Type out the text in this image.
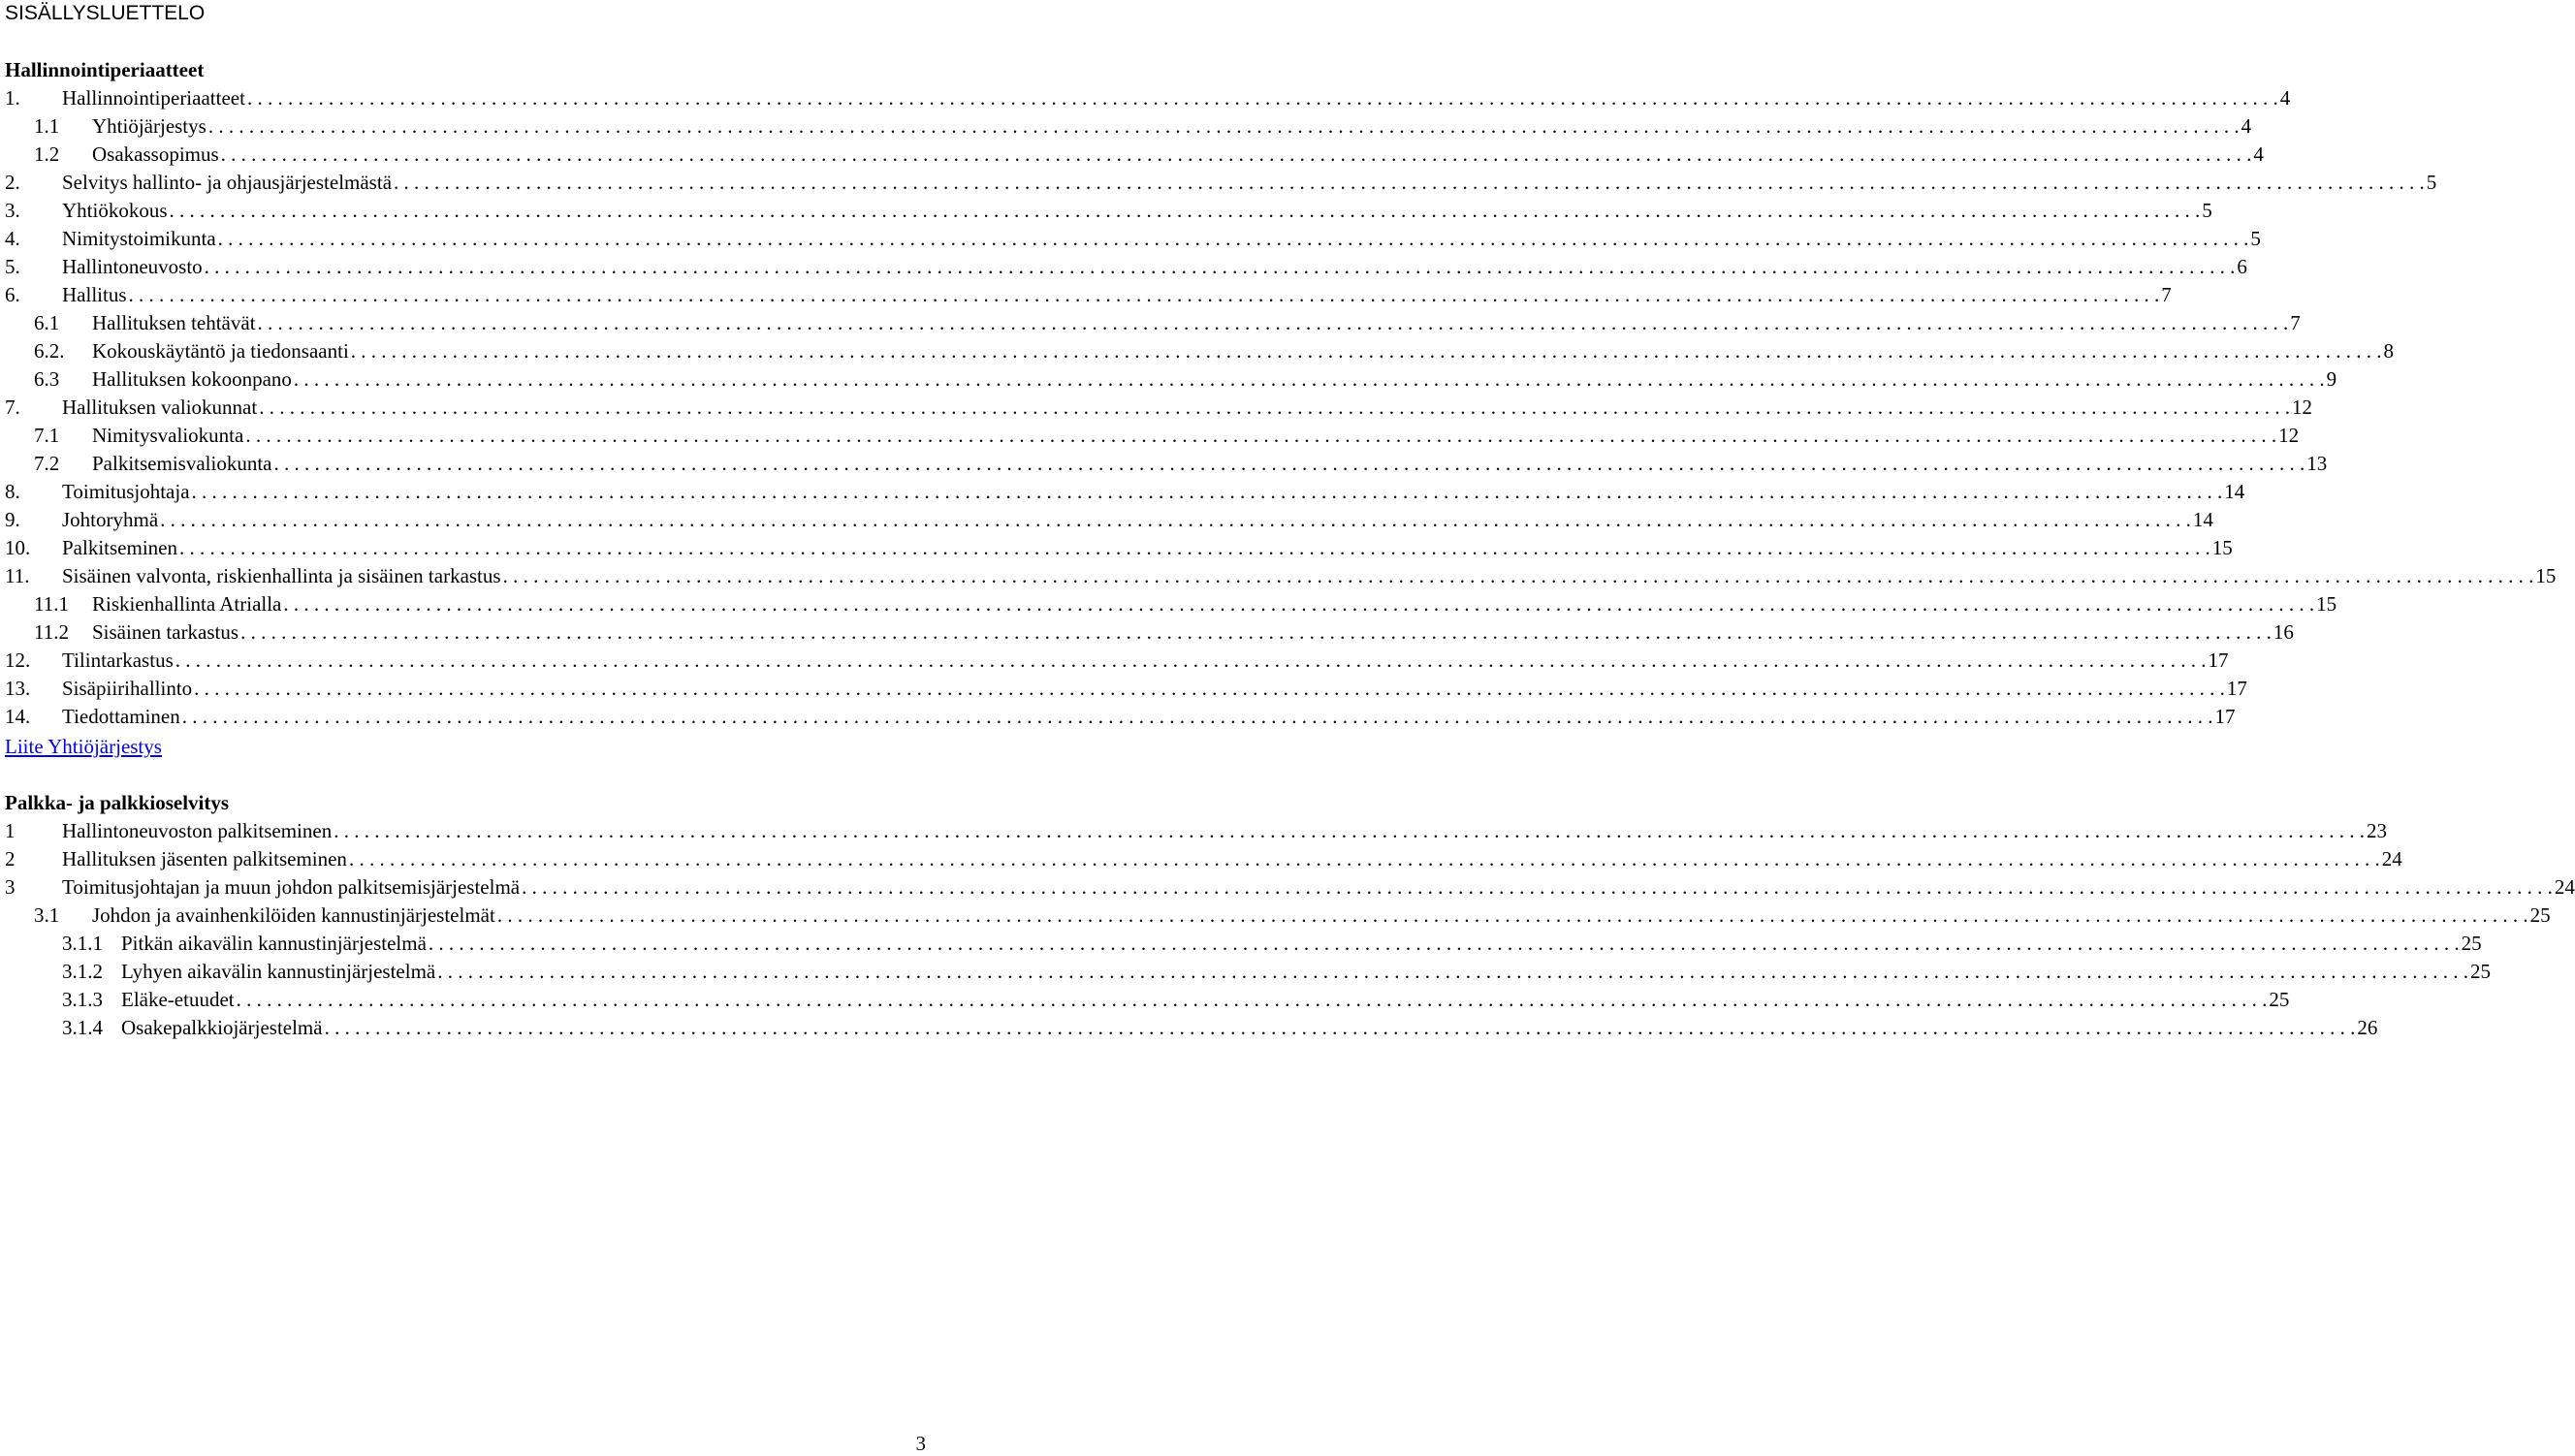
SISÄLLYSLUETTELO
Hallinnointiperiaatteet
1. Hallinnointiperiaatteet . . . . . . . . . . . . . . . . . . . . . . . . . . . . . . . . . . . . . . . . . . . . . . . . . . . . . . . . . . . . . . . . . . . . . . . . . . . . . . . . . . . . . . . . . . . . . . . . . . . . . . . . . . . . . . . . . . . . . . . . . . . . . . . . . . . . . . . . . . . . . . . . . . . . . . . . . . . . . . . . . . . . . . . . . . . . . . . . . . . . . . . . . . . . . . . . . . . . . . . . 4
1.1 Yhtiöjärjestys . . . . . . . . . . . . . . . . . . . . . . . . . . . . . . . . . . . . . . . . . . . . . . . . . . . . . . . . . . . . . . . . . . . . . . . . . . . . . . . . . . . . . . . . . . . . . . . . . . . . . . . . . . . . . . . . . . . . . . . . . . . . . . . . . . . . . . . . . . . . . . . . . . . . . . . . . . . . . . . . . . . . . . . . . . . . . . . . . . . . . . . . . . . . . . . . . . . . . . . . 4
1.2 Osakassopimus . . . . . . . . . . . . . . . . . . . . . . . . . . . . . . . . . . . . . . . . . . . . . . . . . . . . . . . . . . . . . . . . . . . . . . . . . . . . . . . . . . . . . . . . . . . . . . . . . . . . . . . . . . . . . . . . . . . . . . . . . . . . . . . . . . . . . . . . . . . . . . . . . . . . . . . . . . . . . . . . . . . . . . . . . . . . . . . . . . . . . . . . . . . . . . . . . . . . . . . . 4
2. Selvitys hallinto- ja ohjausjärjestelmästä . . . . . . . . . . . . . . . . . . . . . . . . . . . . . . . . . . . . . . . . . . . . . . . . . . . . . . . . . . . . . . . . . . . . . . . . . . . . . . . . . . . . . . . . . . . . . . . . . . . . . . . . . . . . . . . . . . . . . . . . . . . . . . . . . . . . . . . . . . . . . . . . . . . . . . . . . . . . . . . . . . . . . . . . . . . . . . . . . . . . . . . . . . . . . . . . . . . . . . . . 5
3. Yhtiökokous . . . . . . . . . . . . . . . . . . . . . . . . . . . . . . . . . . . . . . . . . . . . . . . . . . . . . . . . . . . . . . . . . . . . . . . . . . . . . . . . . . . . . . . . . . . . . . . . . . . . . . . . . . . . . . . . . . . . . . . . . . . . . . . . . . . . . . . . . . . . . . . . . . . . . . . . . . . . . . . . . . . . . . . . . . . . . . . . . . . . . . . . . . . . . . . . . . . . . . . . 5
4. Nimitystoimikunta . . . . . . . . . . . . . . . . . . . . . . . . . . . . . . . . . . . . . . . . . . . . . . . . . . . . . . . . . . . . . . . . . . . . . . . . . . . . . . . . . . . . . . . . . . . . . . . . . . . . . . . . . . . . . . . . . . . . . . . . . . . . . . . . . . . . . . . . . . . . . . . . . . . . . . . . . . . . . . . . . . . . . . . . . . . . . . . . . . . . . . . . . . . . . . . . . . . . . . . . 5
5. Hallintoneuvosto . . . . . . . . . . . . . . . . . . . . . . . . . . . . . . . . . . . . . . . . . . . . . . . . . . . . . . . . . . . . . . . . . . . . . . . . . . . . . . . . . . . . . . . . . . . . . . . . . . . . . . . . . . . . . . . . . . . . . . . . . . . . . . . . . . . . . . . . . . . . . . . . . . . . . . . . . . . . . . . . . . . . . . . . . . . . . . . . . . . . . . . . . . . . . . . . . . . . . . . . 6
6. Hallitus . . . . . . . . . . . . . . . . . . . . . . . . . . . . . . . . . . . . . . . . . . . . . . . . . . . . . . . . . . . . . . . . . . . . . . . . . . . . . . . . . . . . . . . . . . . . . . . . . . . . . . . . . . . . . . . . . . . . . . . . . . . . . . . . . . . . . . . . . . . . . . . . . . . . . . . . . . . . . . . . . . . . . . . . . . . . . . . . . . . . . . . . . . . . . . . . . . . . . . . . 7
6.1 Hallituksen tehtävät . . . . . . . . . . . . . . . . . . . . . . . . . . . . . . . . . . . . . . . . . . . . . . . . . . . . . . . . . . . . . . . . . . . . . . . . . . . . . . . . . . . . . . . . . . . . . . . . . . . . . . . . . . . . . . . . . . . . . . . . . . . . . . . . . . . . . . . . . . . . . . . . . . . . . . . . . . . . . . . . . . . . . . . . . . . . . . . . . . . . . . . . . . . . . . . . . . . . . . . . 7
6.2. Kokouskäytäntö ja tiedonsaanti . . . . . . . . . . . . . . . . . . . . . . . . . . . . . . . . . . . . . . . . . . . . . . . . . . . . . . . . . . . . . . . . . . . . . . . . . . . . . . . . . . . . . . . . . . . . . . . . . . . . . . . . . . . . . . . . . . . . . . . . . . . . . . . . . . . . . . . . . . . . . . . . . . . . . . . . . . . . . . . . . . . . . . . . . . . . . . . . . . . . . . . . . . . . . . . . . . . . . . . . 8
6.3 Hallituksen kokoonpano . . . . . . . . . . . . . . . . . . . . . . . . . . . . . . . . . . . . . . . . . . . . . . . . . . . . . . . . . . . . . . . . . . . . . . . . . . . . . . . . . . . . . . . . . . . . . . . . . . . . . . . . . . . . . . . . . . . . . . . . . . . . . . . . . . . . . . . . . . . . . . . . . . . . . . . . . . . . . . . . . . . . . . . . . . . . . . . . . . . . . . . . . . . . . . . . . . . . . . . . 9
7. Hallituksen valiokunnat . . . . . . . . . . . . . . . . . . . . . . . . . . . . . . . . . . . . . . . . . . . . . . . . . . . . . . . . . . . . . . . . . . . . . . . . . . . . . . . . . . . . . . . . . . . . . . . . . . . . . . . . . . . . . . . . . . . . . . . . . . . . . . . . . . . . . . . . . . . . . . . . . . . . . . . . . . . . . . . . . . . . . . . . . . . . . . . . . . . . . . . . . . . . . . . . . . . . . . . . 12
7.1 Nimitysvaliokunta . . . . . . . . . . . . . . . . . . . . . . . . . . . . . . . . . . . . . . . . . . . . . . . . . . . . . . . . . . . . . . . . . . . . . . . . . . . . . . . . . . . . . . . . . . . . . . . . . . . . . . . . . . . . . . . . . . . . . . . . . . . . . . . . . . . . . . . . . . . . . . . . . . . . . . . . . . . . . . . . . . . . . . . . . . . . . . . . . . . . . . . . . . . . . . . . . . . . . . . . 12
7.2 Palkitsemisvaliokunta . . . . . . . . . . . . . . . . . . . . . . . . . . . . . . . . . . . . . . . . . . . . . . . . . . . . . . . . . . . . . . . . . . . . . . . . . . . . . . . . . . . . . . . . . . . . . . . . . . . . . . . . . . . . . . . . . . . . . . . . . . . . . . . . . . . . . . . . . . . . . . . . . . . . . . . . . . . . . . . . . . . . . . . . . . . . . . . . . . . . . . . . . . . . . . . . . . . . . . . . 13
8. Toimitusjohtaja . . . . . . . . . . . . . . . . . . . . . . . . . . . . . . . . . . . . . . . . . . . . . . . . . . . . . . . . . . . . . . . . . . . . . . . . . . . . . . . . . . . . . . . . . . . . . . . . . . . . . . . . . . . . . . . . . . . . . . . . . . . . . . . . . . . . . . . . . . . . . . . . . . . . . . . . . . . . . . . . . . . . . . . . . . . . . . . . . . . . . . . . . . . . . . . . . . . . . . . . 14
9. Johtoryhmä . . . . . . . . . . . . . . . . . . . . . . . . . . . . . . . . . . . . . . . . . . . . . . . . . . . . . . . . . . . . . . . . . . . . . . . . . . . . . . . . . . . . . . . . . . . . . . . . . . . . . . . . . . . . . . . . . . . . . . . . . . . . . . . . . . . . . . . . . . . . . . . . . . . . . . . . . . . . . . . . . . . . . . . . . . . . . . . . . . . . . . . . . . . . . . . . . . . . . . . . 14
10. Palkitseminen . . . . . . . . . . . . . . . . . . . . . . . . . . . . . . . . . . . . . . . . . . . . . . . . . . . . . . . . . . . . . . . . . . . . . . . . . . . . . . . . . . . . . . . . . . . . . . . . . . . . . . . . . . . . . . . . . . . . . . . . . . . . . . . . . . . . . . . . . . . . . . . . . . . . . . . . . . . . . . . . . . . . . . . . . . . . . . . . . . . . . . . . . . . . . . . . . . . . . . . . 15
11. Sisäinen valvonta, riskienhallinta ja sisäinen tarkastus . . . . . . . . . . . . . . . . . . . . . . . . . . . . . . . . . . . . . . . . . . . . . . . . . . . . . . . . . . . . . . . . . . . . . . . . . . . . . . . . . . . . . . . . . . . . . . . . . . . . . . . . . . . . . . . . . . . . . . . . . . . . . . . . . . . . . . . . . . . . . . . . . . . . . . . . . . . . . . . . . . . . . . . . . . . . . . . . . . . . . . . . . . . . . . . . . . . . . . . . 15
11.1 Riskienhallinta Atrialla . . . . . . . . . . . . . . . . . . . . . . . . . . . . . . . . . . . . . . . . . . . . . . . . . . . . . . . . . . . . . . . . . . . . . . . . . . . . . . . . . . . . . . . . . . . . . . . . . . . . . . . . . . . . . . . . . . . . . . . . . . . . . . . . . . . . . . . . . . . . . . . . . . . . . . . . . . . . . . . . . . . . . . . . . . . . . . . . . . . . . . . . . . . . . . . . . . . . . . . . 15
11.2 Sisäinen tarkastus . . . . . . . . . . . . . . . . . . . . . . . . . . . . . . . . . . . . . . . . . . . . . . . . . . . . . . . . . . . . . . . . . . . . . . . . . . . . . . . . . . . . . . . . . . . . . . . . . . . . . . . . . . . . . . . . . . . . . . . . . . . . . . . . . . . . . . . . . . . . . . . . . . . . . . . . . . . . . . . . . . . . . . . . . . . . . . . . . . . . . . . . . . . . . . . . . . . . . . . . 16
12. Tilintarkastus . . . . . . . . . . . . . . . . . . . . . . . . . . . . . . . . . . . . . . . . . . . . . . . . . . . . . . . . . . . . . . . . . . . . . . . . . . . . . . . . . . . . . . . . . . . . . . . . . . . . . . . . . . . . . . . . . . . . . . . . . . . . . . . . . . . . . . . . . . . . . . . . . . . . . . . . . . . . . . . . . . . . . . . . . . . . . . . . . . . . . . . . . . . . . . . . . . . . . . . . 17
13. Sisäpiirihallinto . . . . . . . . . . . . . . . . . . . . . . . . . . . . . . . . . . . . . . . . . . . . . . . . . . . . . . . . . . . . . . . . . . . . . . . . . . . . . . . . . . . . . . . . . . . . . . . . . . . . . . . . . . . . . . . . . . . . . . . . . . . . . . . . . . . . . . . . . . . . . . . . . . . . . . . . . . . . . . . . . . . . . . . . . . . . . . . . . . . . . . . . . . . . . . . . . . . . . . . . 17
14. Tiedottaminen . . . . . . . . . . . . . . . . . . . . . . . . . . . . . . . . . . . . . . . . . . . . . . . . . . . . . . . . . . . . . . . . . . . . . . . . . . . . . . . . . . . . . . . . . . . . . . . . . . . . . . . . . . . . . . . . . . . . . . . . . . . . . . . . . . . . . . . . . . . . . . . . . . . . . . . . . . . . . . . . . . . . . . . . . . . . . . . . . . . . . . . . . . . . . . . . . . . . . . . . 17
Liite Yhtiöjärjestys
Palkka- ja palkkioselvitys
1 Hallintoneuvoston palkitseminen . . . . . . . . . . . . . . . . . . . . . . . . . . . . . . . . . . . . . . . . . . . . . . . . . . . . . . . . . . . . . . . . . . . . . . . . . . . . . . . . . . . . . . . . . . . . . . . . . . . . . . . . . . . . . . . . . . . . . . . . . . . . . . . . . . . . . . . . . . . . . . . . . . . . . . . . . . . . . . . . . . . . . . . . . . . . . . . . . . . . . . . . . . . . . . . . . . . . . . . . 23
2 Hallituksen jäsenten palkitseminen . . . . . . . . . . . . . . . . . . . . . . . . . . . . . . . . . . . . . . . . . . . . . . . . . . . . . . . . . . . . . . . . . . . . . . . . . . . . . . . . . . . . . . . . . . . . . . . . . . . . . . . . . . . . . . . . . . . . . . . . . . . . . . . . . . . . . . . . . . . . . . . . . . . . . . . . . . . . . . . . . . . . . . . . . . . . . . . . . . . . . . . . . . . . . . . . . . . . . . . . 24
3 Toimitusjohtajan ja muun johdon palkitsemisjärjestelmä . . . . . . . . . . . . . . . . . . . . . . . . . . . . . . . . . . . . . . . . . . . . . . . . . . . . . . . . . . . . . . . . . . . . . . . . . . . . . . . . . . . . . . . . . . . . . . . . . . . . . . . . . . . . . . . . . . . . . . . . . . . . . . . . . . . . . . . . . . . . . . . . . . . . . . . . . . . . . . . . . . . . . . . . . . . . . . . . . . . . . . . . . . . . . . . . . . . . . . . . 24
3.1 Johdon ja avainhenkilöiden kannustinjärjestelmät . . . . . . . . . . . . . . . . . . . . . . . . . . . . . . . . . . . . . . . . . . . . . . . . . . . . . . . . . . . . . . . . . . . . . . . . . . . . . . . . . . . . . . . . . . . . . . . . . . . . . . . . . . . . . . . . . . . . . . . . . . . . . . . . . . . . . . . . . . . . . . . . . . . . . . . . . . . . . . . . . . . . . . . . . . . . . . . . . . . . . . . . . . . . . . . . . . . . . . . . 25
3.1.1 Pitkän aikavälin kannustinjärjestelmä . . . . . . . . . . . . . . . . . . . . . . . . . . . . . . . . . . . . . . . . . . . . . . . . . . . . . . . . . . . . . . . . . . . . . . . . . . . . . . . . . . . . . . . . . . . . . . . . . . . . . . . . . . . . . . . . . . . . . . . . . . . . . . . . . . . . . . . . . . . . . . . . . . . . . . . . . . . . . . . . . . . . . . . . . . . . . . . . . . . . . . . . . . . . . . . . . . . . . . . . 25
3.1.2 Lyhyen aikavälin kannustinjärjestelmä . . . . . . . . . . . . . . . . . . . . . . . . . . . . . . . . . . . . . . . . . . . . . . . . . . . . . . . . . . . . . . . . . . . . . . . . . . . . . . . . . . . . . . . . . . . . . . . . . . . . . . . . . . . . . . . . . . . . . . . . . . . . . . . . . . . . . . . . . . . . . . . . . . . . . . . . . . . . . . . . . . . . . . . . . . . . . . . . . . . . . . . . . . . . . . . . . . . . . . . . 25
3.1.3 Eläke-etuudet . . . . . . . . . . . . . . . . . . . . . . . . . . . . . . . . . . . . . . . . . . . . . . . . . . . . . . . . . . . . . . . . . . . . . . . . . . . . . . . . . . . . . . . . . . . . . . . . . . . . . . . . . . . . . . . . . . . . . . . . . . . . . . . . . . . . . . . . . . . . . . . . . . . . . . . . . . . . . . . . . . . . . . . . . . . . . . . . . . . . . . . . . . . . . . . . . . . . . . . . 25
3.1.4 Osakepalkkiojärjestelmä . . . . . . . . . . . . . . . . . . . . . . . . . . . . . . . . . . . . . . . . . . . . . . . . . . . . . . . . . . . . . . . . . . . . . . . . . . . . . . . . . . . . . . . . . . . . . . . . . . . . . . . . . . . . . . . . . . . . . . . . . . . . . . . . . . . . . . . . . . . . . . . . . . . . . . . . . . . . . . . . . . . . . . . . . . . . . . . . . . . . . . . . . . . . . . . . . . . . . . . . 26
3
